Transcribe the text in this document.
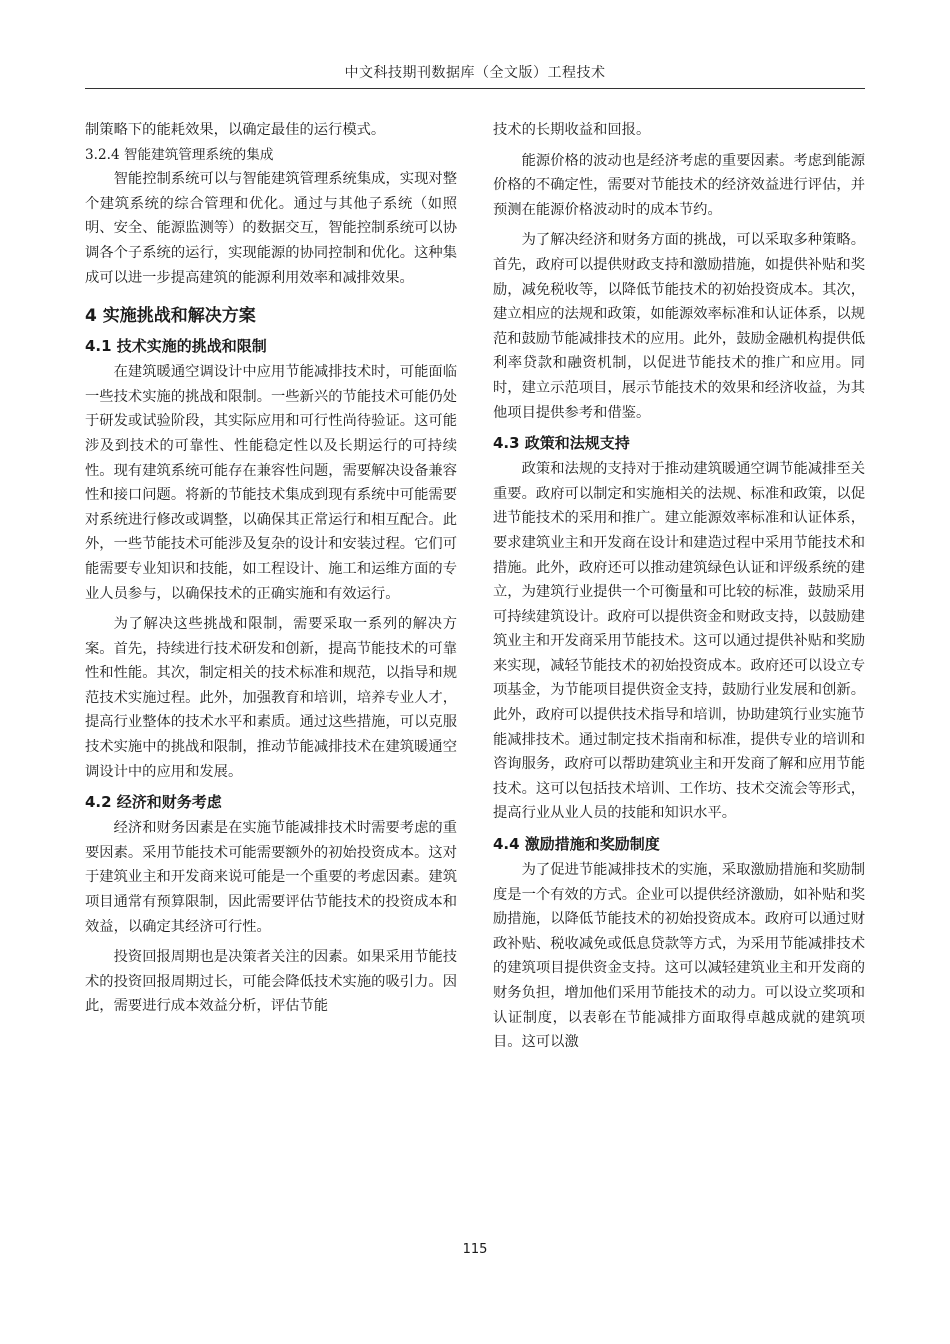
中文科技期刊数据库（全文版）工程技术

制策略下的能耗效果，以确定最佳的运行模式。

3.2.4 智能建筑管理系统的集成

智能控制系统可以与智能建筑管理系统集成，实现对整个建筑系统的综合管理和优化。通过与其他子系统（如照明、安全、能源监测等）的数据交互，智能控制系统可以协调各个子系统的运行，实现能源的协同控制和优化。这种集成可以进一步提高建筑的能源利用效率和减排效果。

4 实施挑战和解决方案
4.1 技术实施的挑战和限制

在建筑暖通空调设计中应用节能减排技术时，可能面临一些技术实施的挑战和限制。一些新兴的节能技术可能仍处于研发或试验阶段，其实际应用和可行性尚待验证。这可能涉及到技术的可靠性、性能稳定性以及长期运行的可持续性。现有建筑系统可能存在兼容性问题，需要解决设备兼容性和接口问题。将新的节能技术集成到现有系统中可能需要对系统进行修改或调整，以确保其正常运行和相互配合。此外，一些节能技术可能涉及复杂的设计和安装过程。它们可能需要专业知识和技能，如工程设计、施工和运维方面的专业人员参与，以确保技术的正确实施和有效运行。

为了解决这些挑战和限制，需要采取一系列的解决方案。首先，持续进行技术研发和创新，提高节能技术的可靠性和性能。其次，制定相关的技术标准和规范，以指导和规范技术实施过程。此外，加强教育和培训，培养专业人才，提高行业整体的技术水平和素质。通过这些措施，可以克服技术实施中的挑战和限制，推动节能减排技术在建筑暖通空调设计中的应用和发展。

4.2 经济和财务考虑

经济和财务因素是在实施节能减排技术时需要考虑的重要因素。采用节能技术可能需要额外的初始投资成本。这对于建筑业主和开发商来说可能是一个重要的考虑因素。建筑项目通常有预算限制，因此需要评估节能技术的投资成本和效益，以确定其经济可行性。

投资回报周期也是决策者关注的因素。如果采用节能技术的投资回报周期过长，可能会降低技术实施的吸引力。因此，需要进行成本效益分析，评估节能

技术的长期收益和回报。

能源价格的波动也是经济考虑的重要因素。考虑到能源价格的不确定性，需要对节能技术的经济效益进行评估，并预测在能源价格波动时的成本节约。

为了解决经济和财务方面的挑战，可以采取多种策略。首先，政府可以提供财政支持和激励措施，如提供补贴和奖励，减免税收等，以降低节能技术的初始投资成本。其次，建立相应的法规和政策，如能源效率标准和认证体系，以规范和鼓励节能减排技术的应用。此外，鼓励金融机构提供低利率贷款和融资机制，以促进节能技术的推广和应用。同时，建立示范项目，展示节能技术的效果和经济收益，为其他项目提供参考和借鉴。

4.3 政策和法规支持

政策和法规的支持对于推动建筑暖通空调节能减排至关重要。政府可以制定和实施相关的法规、标准和政策，以促进节能技术的采用和推广。建立能源效率标准和认证体系，要求建筑业主和开发商在设计和建造过程中采用节能技术和措施。此外，政府还可以推动建筑绿色认证和评级系统的建立，为建筑行业提供一个可衡量和可比较的标准，鼓励采用可持续建筑设计。政府可以提供资金和财政支持，以鼓励建筑业主和开发商采用节能技术。这可以通过提供补贴和奖励来实现，减轻节能技术的初始投资成本。政府还可以设立专项基金，为节能项目提供资金支持，鼓励行业发展和创新。此外，政府可以提供技术指导和培训，协助建筑行业实施节能减排技术。通过制定技术指南和标准，提供专业的培训和咨询服务，政府可以帮助建筑业主和开发商了解和应用节能技术。这可以包括技术培训、工作坊、技术交流会等形式，提高行业从业人员的技能和知识水平。

4.4 激励措施和奖励制度

为了促进节能减排技术的实施，采取激励措施和奖励制度是一个有效的方式。企业可以提供经济激励，如补贴和奖励措施，以降低节能技术的初始投资成本。政府可以通过财政补贴、税收减免或低息贷款等方式，为采用节能减排技术的建筑项目提供资金支持。这可以减轻建筑业主和开发商的财务负担，增加他们采用节能技术的动力。可以设立奖项和认证制度，以表彰在节能减排方面取得卓越成就的建筑项目。这可以激

115
